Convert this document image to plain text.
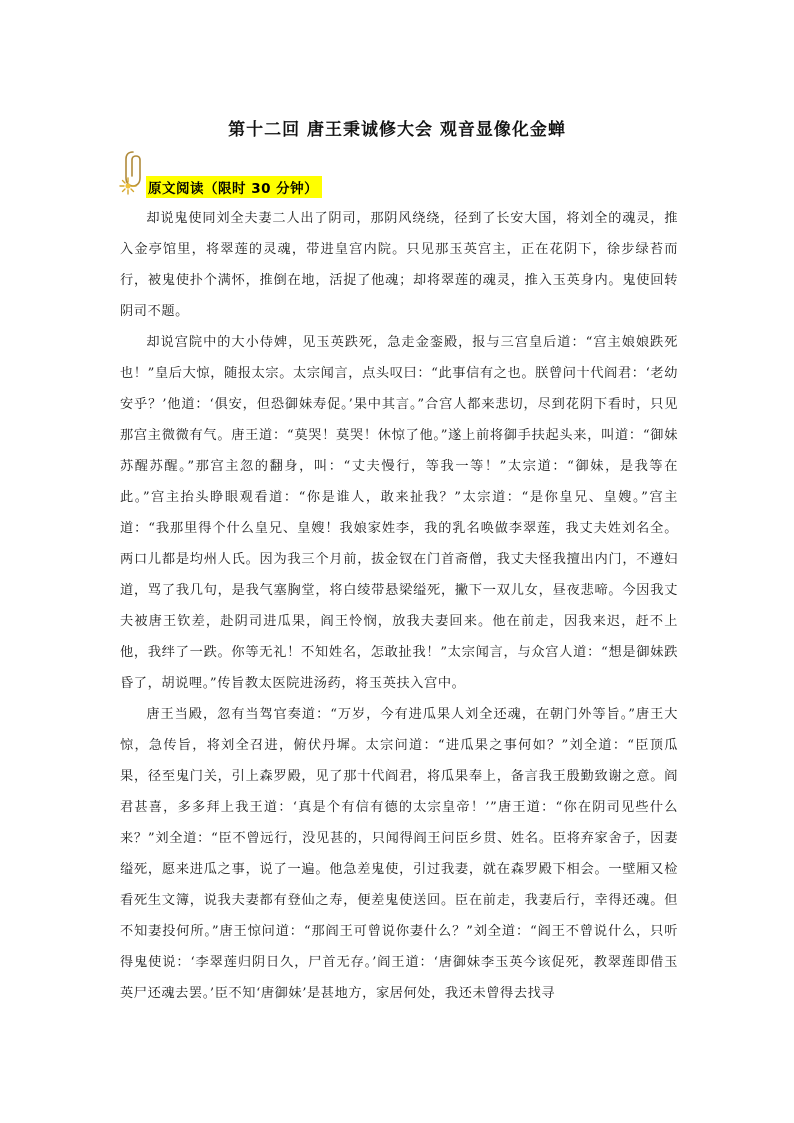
第十二回 唐王秉诚修大会 观音显像化金蝉
原文阅读（限时 30 分钟）

却说鬼使同刘全夫妻二人出了阴司，那阴风绕绕，径到了长安大国，将刘全的魂灵，推入金亭馆里，将翠莲的灵魂，带进皇宫内院。只见那玉英宫主，正在花阴下，徐步绿苔而行，被鬼使扑个满怀，推倒在地，活捉了他魂；却将翠莲的魂灵，推入玉英身内。鬼使回转阴司不题。

却说宫院中的大小侍婢，见玉英跌死，急走金銮殿，报与三宫皇后道：“宫主娘娘跌死也！”皇后大惊，随报太宗。太宗闻言，点头叹曰：“此事信有之也。朕曾问十代阎君：‘老幼安乎？’他道：‘俱安，但恐御妹寿促。’果中其言。”合宫人都来悲切，尽到花阴下看时，只见那宫主微微有气。唐王道：“莫哭！莫哭！休惊了他。”遂上前将御手扶起头来，叫道：“御妹苏醒苏醒。”那宫主忽的翻身，叫：“丈夫慢行，等我一等！”太宗道：“御妹，是我等在此。”宫主抬头睁眼观看道：“你是谁人，敢来扯我？”太宗道：“是你皇兄、皇嫂。”宫主道：“我那里得个什么皇兄、皇嫂！我娘家姓李，我的乳名唤做李翠莲，我丈夫姓刘名全。两口儿都是均州人氏。因为我三个月前，拔金钗在门首斋僧，我丈夫怪我擅出内门，不遵妇道，骂了我几句，是我气塞胸堂，将白绫带悬梁缢死，撇下一双儿女，昼夜悲啼。今因我丈夫被唐王钦差，赴阴司进瓜果，阎王怜悯，放我夫妻回来。他在前走，因我来迟，赶不上他，我绊了一跌。你等无礼！不知姓名，怎敢扯我！”太宗闻言，与众宫人道：“想是御妹跌昏了，胡说哩。”传旨教太医院进汤药，将玉英扶入宫中。

唐王当殿，忽有当驾官奏道：“万岁，今有进瓜果人刘全还魂，在朝门外等旨。”唐王大惊，急传旨，将刘全召进，俯伏丹墀。太宗问道：“进瓜果之事何如？”刘全道：“臣顶瓜果，径至鬼门关，引上森罗殿，见了那十代阎君，将瓜果奉上，备言我王殷勤致谢之意。阎君甚喜，多多拜上我王道：‘真是个有信有德的太宗皇帝！’”唐王道：“你在阴司见些什么来？”刘全道：“臣不曾远行，没见甚的，只闻得阎王问臣乡贯、姓名。臣将弃家舍子，因妻缢死，愿来进瓜之事，说了一遍。他急差鬼使，引过我妻，就在森罗殿下相会。一壁厢又检看死生文簿，说我夫妻都有登仙之寿，便差鬼使送回。臣在前走，我妻后行，幸得还魂。但不知妻投何所。”唐王惊问道：“那阎王可曾说你妻什么？”刘全道：“阎王不曾说什么，只听得鬼使说：‘李翠莲归阴日久，尸首无存。’阎王道：‘唐御妹李玉英今该促死，教翠莲即借玉英尸还魂去罢。’臣不知‘唐御妹’是甚地方，家居何处，我还未曾得去找寻
